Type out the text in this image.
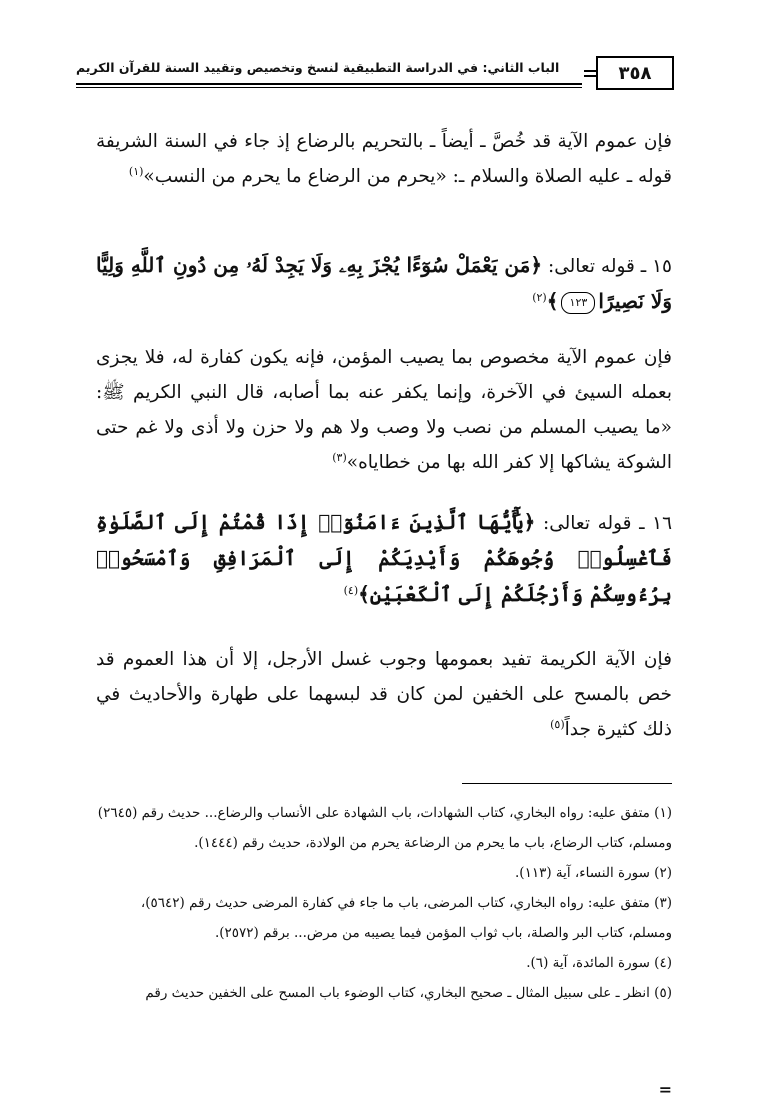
٣٥٨
الباب الثاني: في الدراسة التطبيقية لنسخ وتخصيص وتقييد السنة للقرآن الكريم
فإن عموم الآية قد خُصَّ ـ أيضاً ـ بالتحريم بالرضاع إذ جاء في السنة الشريفة قوله ـ عليه الصلاة والسلام ـ: «يحرم من الرضاع ما يحرم من النسب»$^{(١)}$
١٥ ـ قوله تعالى: ﴿مَن يَعْمَلْ سُوٓءًا يُجْزَ بِهِۦ وَلَا يَجِدْ لَهُۥ مِن دُونِ ٱللَّهِ وَلِيًّا وَلَا نَصِيرًا١٢٣﴾$^{(٢)}$
فإن عموم الآية مخصوص بما يصيب المؤمن، فإنه يكون كفارة له، فلا يجزى بعمله السيئ في الآخرة، وإنما يكفر عنه بما أصابه، قال النبي الكريم ﷺ: «ما يصيب المسلم من نصب ولا وصب ولا هم ولا حزن ولا أذى ولا غم حتى الشوكة يشاكها إلا كفر الله بها من خطاياه»$^{(٣)}$
١٦ ـ قوله تعالى: ﴿يَٰٓأَيُّهَا ٱلَّذِينَ ءَامَنُوٓا۟ إِذَا قُمْتُمْ إِلَى ٱلصَّلَوٰةِ فَٱغْسِلُوا۟ وُجُوهَكُمْ وَأَيْدِيَكُمْ إِلَى ٱلْمَرَافِقِ وَٱمْسَحُوا۟ بِرُءُوسِكُمْ وَأَرْجُلَكُمْ إِلَى ٱلْكَعْبَيْنِ﴾$^{(٤)}$
فإن الآية الكريمة تفيد بعمومها وجوب غسل الأرجل، إلا أن هذا العموم قد خص بالمسح على الخفين لمن كان قد لبسهما على طهارة والأحاديث في ذلك كثيرة جداً$^{(٥)}$

(١) متفق عليه: رواه البخاري، كتاب الشهادات، باب الشهادة على الأنساب والرضاع... حديث رقم (٢٦٤٥) ومسلم، كتاب الرضاع، باب ما يحرم من الرضاعة يحرم من الولادة، حديث رقم (١٤٤٤).

(٢) سورة النساء، آية (١١٣).

(٣) متفق عليه: رواه البخاري، كتاب المرضى، باب ما جاء في كفارة المرضى حديث رقم (٥٦٤٢)، ومسلم، كتاب البر والصلة، باب ثواب المؤمن فيما يصيبه من مرض... برقم (٢٥٧٢).

(٤) سورة المائدة، آية (٦).

(٥) انظر ـ على سبيل المثال ـ صحيح البخاري، كتاب الوضوء باب المسح على الخفين حديث رقم

=
